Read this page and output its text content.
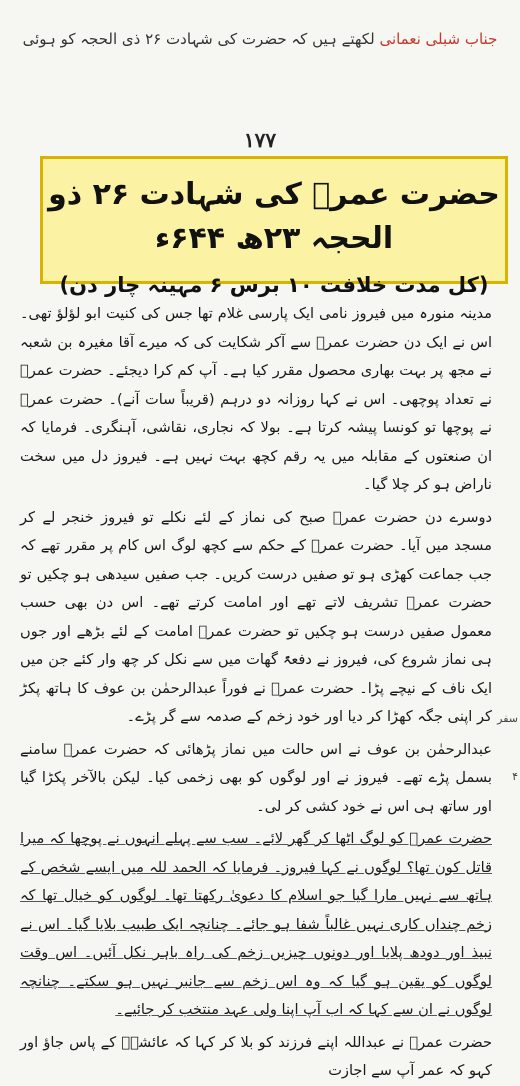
جناب شبلی نعمانی لکھتے ہیں کہ حضرت کی شہادت ۲۶ ذی الحجہ کو ہوئی
۱۷۷
حضرت عمرؓ کی شہادت ۲۶ ذو الحجہ ۲۳ھ ۶۴۴ء
(کل مدت خلافت ۱۰ برس ۶ مہینہ چار دن)

مدینہ منورہ میں فیروز نامی ایک پارسی غلام تھا جس کی کنیت ابو لؤلؤ تھی۔ اس نے ایک دن حضرت عمرؓ سے آکر شکایت کی کہ میرے آقا مغیرہ بن شعبہ نے مجھ پر بہت بھاری محصول مقرر کیا ہے۔ آپ کم کرا دیجئے۔ حضرت عمرؓ نے تعداد پوچھی۔ اس نے کہا روزانہ دو درہم (قریباً سات آنے)۔ حضرت عمرؓ نے پوچھا تو کونسا پیشہ کرتا ہے۔ بولا کہ نجاری، نقاشی، آہنگری۔ فرمایا کہ ان صنعتوں کے مقابلہ میں یہ رقم کچھ بہت نہیں ہے۔ فیروز دل میں سخت ناراض ہو کر چلا گیا۔

دوسرے دن حضرت عمرؓ صبح کی نماز کے لئے نکلے تو فیروز خنجر لے کر مسجد میں آیا۔ حضرت عمرؓ کے حکم سے کچھ لوگ اس کام پر مقرر تھے کہ جب جماعت کھڑی ہو تو صفیں درست کریں۔ جب صفیں سیدھی ہو چکیں تو حضرت عمرؓ تشریف لاتے تھے اور امامت کرتے تھے۔ اس دن بھی حسب معمول صفیں درست ہو چکیں تو حضرت عمرؓ امامت کے لئے بڑھے اور جوں ہی نماز شروع کی، فیروز نے دفعۃً گھات میں سے نکل کر چھ وار کئے جن میں ایک ناف کے نیچے پڑا۔ حضرت عمرؓ نے فوراً عبدالرحمٰن بن عوف کا ہاتھ پکڑ کر اپنی جگہ کھڑا کر دیا اور خود زخم کے صدمہ سے گر پڑے۔

عبدالرحمٰن بن عوف نے اس حالت میں نماز پڑھائی کہ حضرت عمرؓ سامنے بسمل پڑے تھے۔ فیروز نے اور لوگوں کو بھی زخمی کیا۔ لیکن بالآخر پکڑا گیا اور ساتھ ہی اس نے خود کشی کر لی۔

حضرت عمرؓ کو لوگ اٹھا کر گھر لائے۔ سب سے پہلے انہوں نے پوچھا کہ میرا قاتل کون تھا؟ لوگوں نے کہا فیروز۔ فرمایا کہ الحمد للہ میں ایسے شخص کے ہاتھ سے نہیں مارا گیا جو اسلام کا دعویٰ رکھتا تھا۔ لوگوں کو خیال تھا کہ زخم چنداں کاری نہیں غالباً شفا ہو جائے۔ چنانچہ ایک طبیب بلایا گیا۔ اس نے نبیذ اور دودھ پلایا اور دونوں چیزیں زخم کی راہ باہر نکل آئیں۔ اس وقت لوگوں کو یقین ہو گیا کہ وہ اس زخم سے جانبر نہیں ہو سکتے۔ چنانچہ لوگوں نے ان سے کہا کہ اب آپ اپنا ولی عہد منتخب کر جائیے۔

حضرت عمرؓ نے عبداللہ اپنے فرزند کو بلا کر کہا کہ عائشہؓ کے پاس جاؤ اور کہو کہ عمر آپ سے اجازت

سفر
۴
